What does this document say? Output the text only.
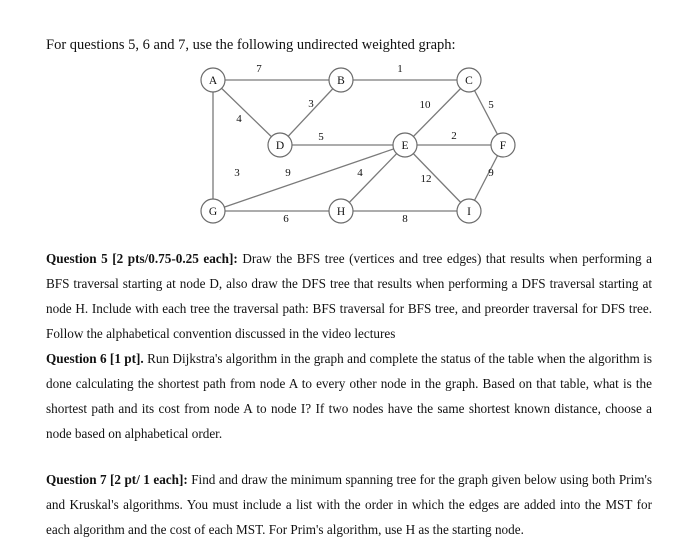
For questions 5, 6 and 7, use the following undirected weighted graph:
7	1
4
3
3
5
10	5
2
9	4	12	9
6	8
A	B	C
D	E	F
G	H	I
Question 5 [2 pts/0.75-0.25 each]: Draw the BFS tree (vertices and tree edges) that results when performing a BFS traversal starting at node D, also draw the DFS tree that results when performing a DFS traversal starting at node H. Include with each tree the traversal path: BFS traversal for BFS tree, and preorder traversal for DFS tree. Follow the alphabetical convention discussed in the video lectures
Question 6 [1 pt]. Run Dijkstra's algorithm in the graph and complete the status of the table when the algorithm is done calculating the shortest path from node A to every other node in the graph. Based on that table, what is the shortest path and its cost from node A to node I? If two nodes have the same shortest known distance, choose a node based on alphabetical order.
Question 7 [2 pt/ 1 each]: Find and draw the minimum spanning tree for the graph given below using both Prim's and Kruskal's algorithms. You must include a list with the order in which the edges are added into the MST for each algorithm and the cost of each MST. For Prim's algorithm, use H as the starting node.
